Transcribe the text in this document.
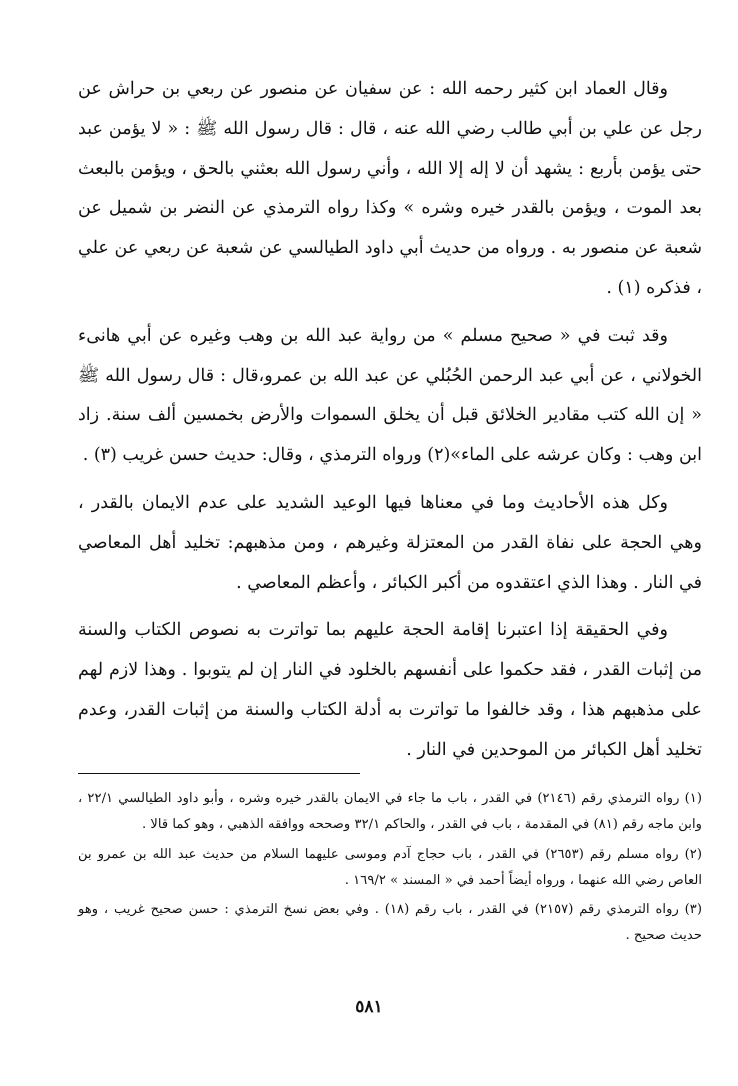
وقال العماد ابن كثير رحمه الله : عن سفيان عن منصور عن ربعي بن حراش عن رجل عن علي بن أبي طالب رضي الله عنه ، قال : قال رسول الله ﷺ : « لا يؤمن عبد حتى يؤمن بأربع : يشهد أن لا إله إلا الله ، وأني رسول الله بعثني بالحق ، ويؤمن بالبعث بعد الموت ، ويؤمن بالقدر خيره وشره » وكذا رواه الترمذي عن النضر بن شميل عن شعبة عن منصور به . ورواه من حديث أبي داود الطيالسي عن شعبة عن ربعي عن علي ، فذكره (١) .

وقد ثبت في « صحيح مسلم » من رواية عبد الله بن وهب وغيره عن أبي هانىء الخولاني ، عن أبي عبد الرحمن الحُبُلي عن عبد الله بن عمرو،قال : قال رسول الله ﷺ « إن الله كتب مقادير الخلائق قبل أن يخلق السموات والأرض بخمسين ألف سنة. زاد ابن وهب : وكان عرشه على الماء»(٢) ورواه الترمذي ، وقال: حديث حسن غريب (٣) .

وكل هذه الأحاديث وما في معناها فيها الوعيد الشديد على عدم الايمان بالقدر ، وهي الحجة على نفاة القدر من المعتزلة وغيرهم ، ومن مذهبهم: تخليد أهل المعاصي في النار . وهذا الذي اعتقدوه من أكبر الكبائر ، وأعظم المعاصي .

وفي الحقيقة إذا اعتبرنا إقامة الحجة عليهم بما تواترت به نصوص الكتاب والسنة من إثبات القدر ، فقد حكموا على أنفسهم بالخلود في النار إن لم يتوبوا . وهذا لازم لهم على مذهبهم هذا ، وقد خالفوا ما تواترت به أدلة الكتاب والسنة من إثبات القدر، وعدم تخليد أهل الكبائر من الموحدين في النار .

(١) رواه الترمذي رقم (٢١٤٦) في القدر ، باب ما جاء في الايمان بالقدر خيره وشره ، وأبو داود الطيالسي ٢٢/١ ، وابن ماجه رقم (٨١) في المقدمة ، باب في القدر ، والحاكم ٣٢/١ وصححه ووافقه الذهبي ، وهو كما قالا .

(٢) رواه مسلم رقم (٢٦٥٣) في القدر ، باب حجاج آدم وموسى عليهما السلام من حديث عبد الله بن عمرو بن العاص رضي الله عنهما ، ورواه أيضاً أحمد في « المسند » ١٦٩/٢ .

(٣) رواه الترمذي رقم (٢١٥٧) في القدر ، باب رقم (١٨) . وفي بعض نسخ الترمذي : حسن صحيح غريب ، وهو حديث صحيح .

٥٨١
